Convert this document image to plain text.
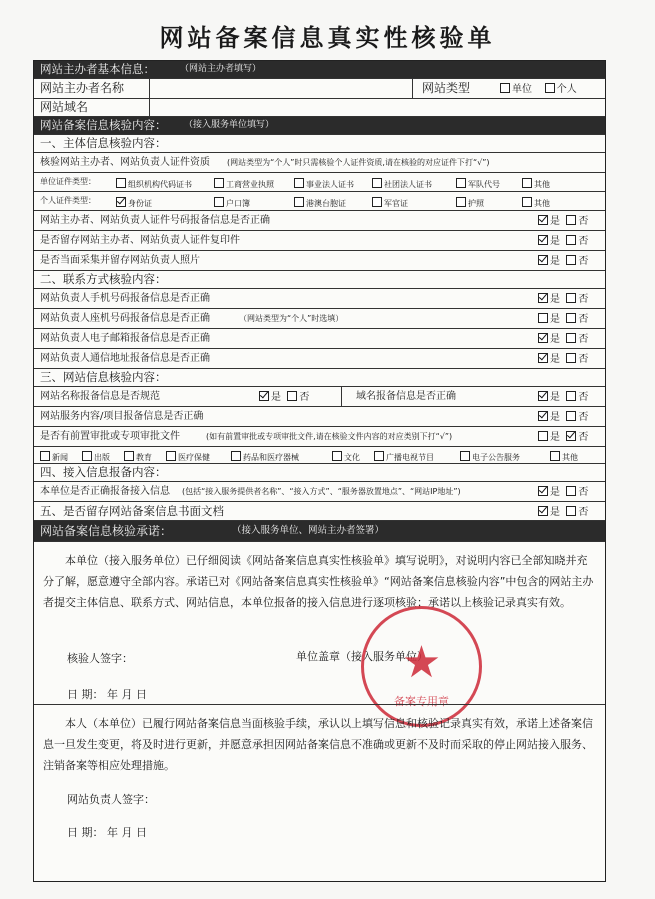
网站备案信息真实性核验单
网站主办者基本信息：	（网站主办者填写）
网站主办者名称	网站类型	单位 个人
网站域名
网站备案信息核验内容： （接入服务单位填写）
一、主体信息核验内容：
核验网站主办者、网站负责人证件资质 (网站类型为“个人”时只需核验个人证件资质,请在核验的对应证件下打“√”)
单位证件类型：	组织机构代码证书	工商营业执照	事业法人证书	社团法人证书	军队代号	其他
个人证件类型：	身份证	户口簿	港澳台胞证	军官证	护照	其他
网站主办者、网站负责人证件号码报备信息是否正确	是 否
是否留存网站主办者、网站负责人证件复印件	是 否
是否当面采集并留存网站负责人照片	是 否
二、联系方式核验内容：
网站负责人手机号码报备信息是否正确	是 否
网站负责人座机号码报备信息是否正确	（网站类型为“个人”时选填）	是 否
网站负责人电子邮箱报备信息是否正确	是 否
网站负责人通信地址报备信息是否正确	是 否
三、网站信息核验内容：
网站名称报备信息是否规范	是 否	域名报备信息是否正确	是 否
网站服务内容/项目报备信息是否正确	是 否
是否有前置审批或专项审批文件	(如有前置审批或专项审批文件,请在核验文件内容的对应类别下打“√”)	是 否
新闻	出版	教育	医疗保健	药品和医疗器械	文化	广播电视节目	电子公告服务	其他
四、接入信息报备内容：
本单位是否正确报备接入信息 (包括“接入服务提供者名称”、“接入方式”、“服务器放置地点”、“网站IP地址”)	是 否
五、是否留存网站备案信息书面文档	是 否
网站备案信息核验承诺：	（接入服务单位、网站主办者签署）
本单位（接入服务单位）已仔细阅读《网站备案信息真实性核验单》填写说明》，对说明内容已全部知晓并充分了解，愿意遵守全部内容。承诺已对《网站备案信息真实性核验单》“网站备案信息核验内容”中包含的网站主办者提交主体信息、联系方式、网站信息，本单位报备的接入信息进行逐项核验；承诺以上核验记录真实有效。
核验人签字：	单位盖章（接入服务单位）
日 期： 年 月 日
★
备案专用章
本人（本单位）已履行网站备案信息当面核验手续，承认以上填写信息和核验记录真实有效，承诺上述备案信息一旦发生变更，将及时进行更新，并愿意承担因网站备案信息不准确或更新不及时而采取的停止网站接入服务、注销备案等相应处理措施。
网站负责人签字：
日 期： 年 月 日
